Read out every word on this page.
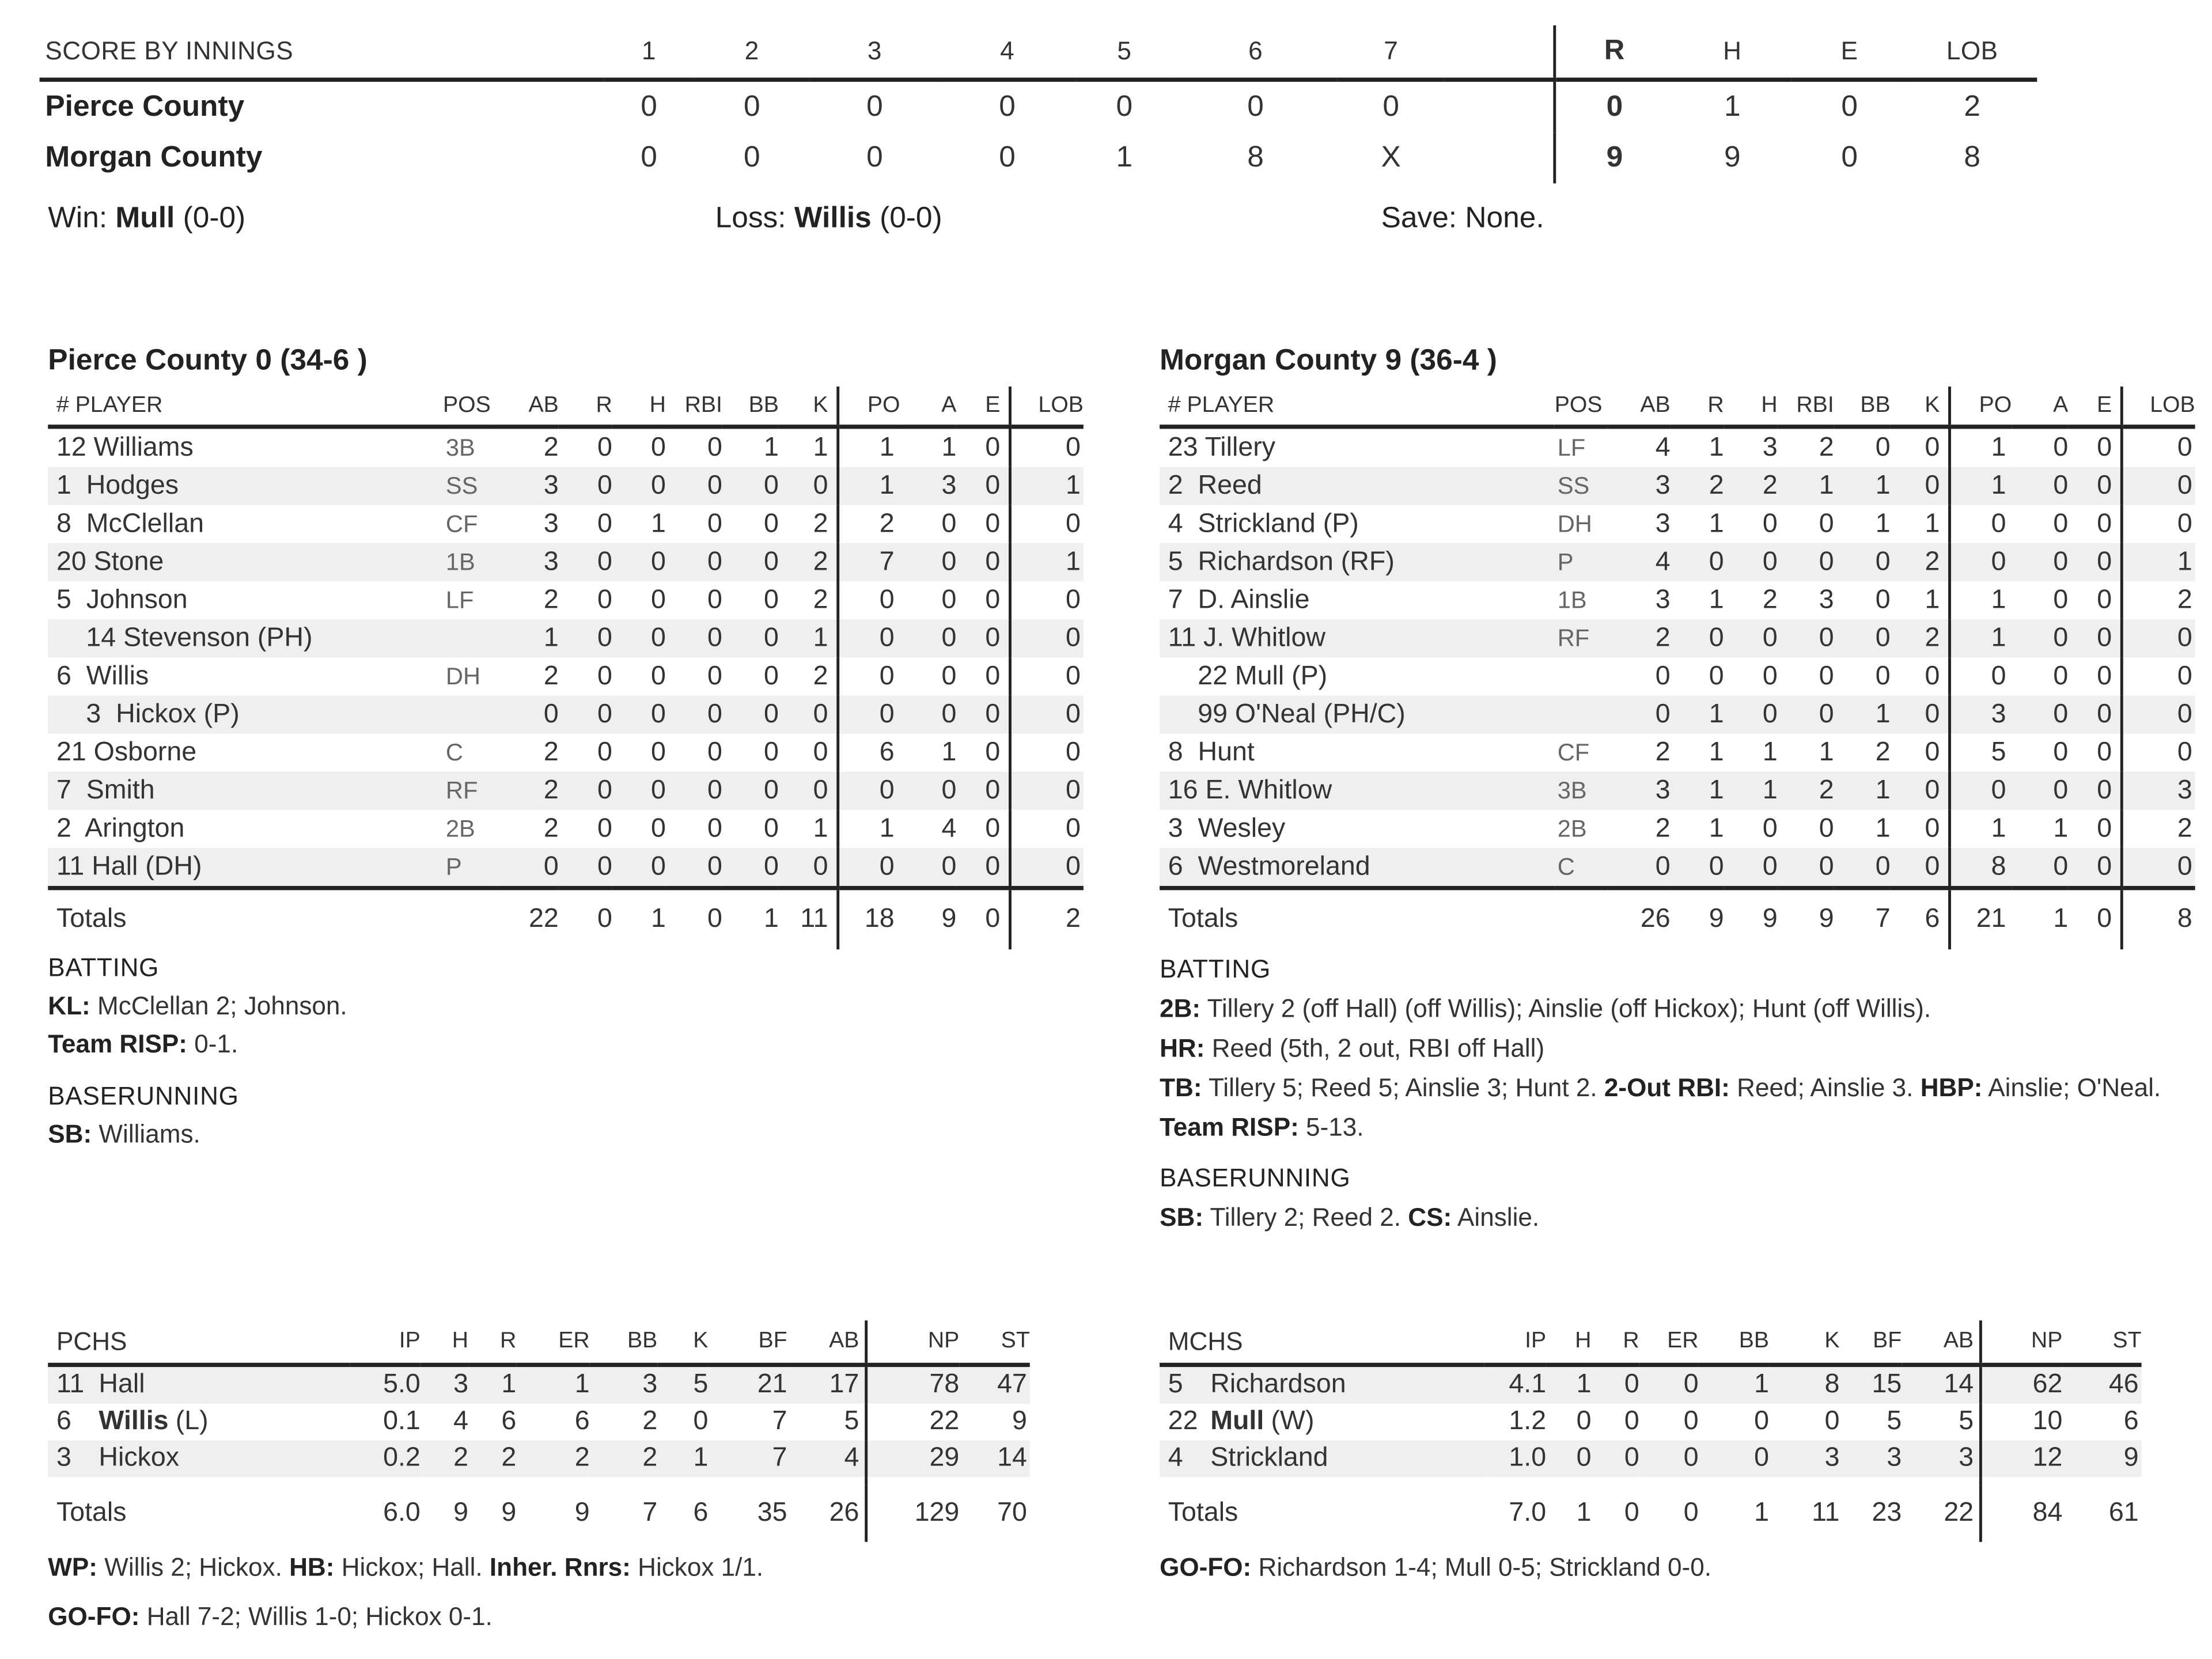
SCORE BY INNINGS	1	2	3	4	5	6	7		R	H	E	LOB
Pierce County	0	0	0	0	0	0	0		0	1	0	2
Morgan County	0	0	0	0	1	8	X		9	9	0	8
Win: Mull (0-0)	Loss: Willis (0-0)	Save: None.
Pierce County 0 (34-6 )	Morgan County 9 (36-4 )
# PLAYER	POS	AB	R	H	RBI	BB	K	PO	A	E	LOB
12 Williams	3B	2	0	0	0	1	1	1	1	0	0
1  Hodges	SS	3	0	0	0	0	0	1	3	0	1
8  McClellan	CF	3	0	1	0	0	2	2	0	0	0
20 Stone	1B	3	0	0	0	0	2	7	0	0	1
5  Johnson	LF	2	0	0	0	0	2	0	0	0	0
14 Stevenson (PH)		1	0	0	0	0	1	0	0	0	0
6  Willis	DH	2	0	0	0	0	2	0	0	0	0
3  Hickox (P)		0	0	0	0	0	0	0	0	0	0
21 Osborne	C	2	0	0	0	0	0	6	1	0	0
7  Smith	RF	2	0	0	0	0	0	0	0	0	0
2  Arington	2B	2	0	0	0	0	1	1	4	0	0
11 Hall (DH)	P	0	0	0	0	0	0	0	0	0	0
Totals		22	0	1	0	1	11	18	9	0	2
# PLAYER	POS	AB	R	H	RBI	BB	K	PO	A	E	LOB
23 Tillery	LF	4	1	3	2	0	0	1	0	0	0
2  Reed	SS	3	2	2	1	1	0	1	0	0	0
4  Strickland (P)	DH	3	1	0	0	1	1	0	0	0	0
5  Richardson (RF)	P	4	0	0	0	0	2	0	0	0	1
7  D. Ainslie	1B	3	1	2	3	0	1	1	0	0	2
11 J. Whitlow	RF	2	0	0	0	0	2	1	0	0	0
22 Mull (P)		0	0	0	0	0	0	0	0	0	0
99 O'Neal (PH/C)		0	1	0	0	1	0	3	0	0	0
8  Hunt	CF	2	1	1	1	2	0	5	0	0	0
16 E. Whitlow	3B	3	1	1	2	1	0	0	0	0	3
3  Wesley	2B	2	1	0	0	1	0	1	1	0	2
6  Westmoreland	C	0	0	0	0	0	0	8	0	0	0
Totals		26	9	9	9	7	6	21	1	0	8

BATTING

KL: McClellan 2; Johnson.

Team RISP: 0-1.

BASERUNNING

SB: Williams.

BATTING

2B: Tillery 2 (off Hall) (off Willis); Ainslie (off Hickox); Hunt (off Willis).

HR: Reed (5th, 2 out, RBI off Hall)

TB: Tillery 5; Reed 5; Ainslie 3; Hunt 2. 2-Out RBI: Reed; Ainslie 3. HBP: Ainslie; O'Neal.

Team RISP: 5-13.

BASERUNNING

SB: Tillery 2; Reed 2. CS: Ainslie.

PCHS	IP	H	R	ER	BB	K	BF	AB	NP	ST
11 Hall	5.0	3	1	1	3	5	21	17	78	47
6 Willis (L)	0.1	4	6	6	2	0	7	5	22	9
3 Hickox	0.2	2	2	2	2	1	7	4	29	14

Totals	6.0	9	9	9	7	6	35	26	129	70
MCHS	IP	H	R	ER	BB	K	BF	AB	NP	ST
5 Richardson	4.1	1	0	0	1	8	15	14	62	46
22 Mull (W)	1.2	0	0	0	0	0	5	5	10	6
4 Strickland	1.0	0	0	0	0	3	3	3	12	9

Totals	7.0	1	0	0	1	11	23	22	84	61

WP: Willis 2; Hickox. HB: Hickox; Hall. Inher. Rnrs: Hickox 1/1.

GO-FO: Hall 7-2; Willis 1-0; Hickox 0-1.

GO-FO: Richardson 1-4; Mull 0-5; Strickland 0-0.
